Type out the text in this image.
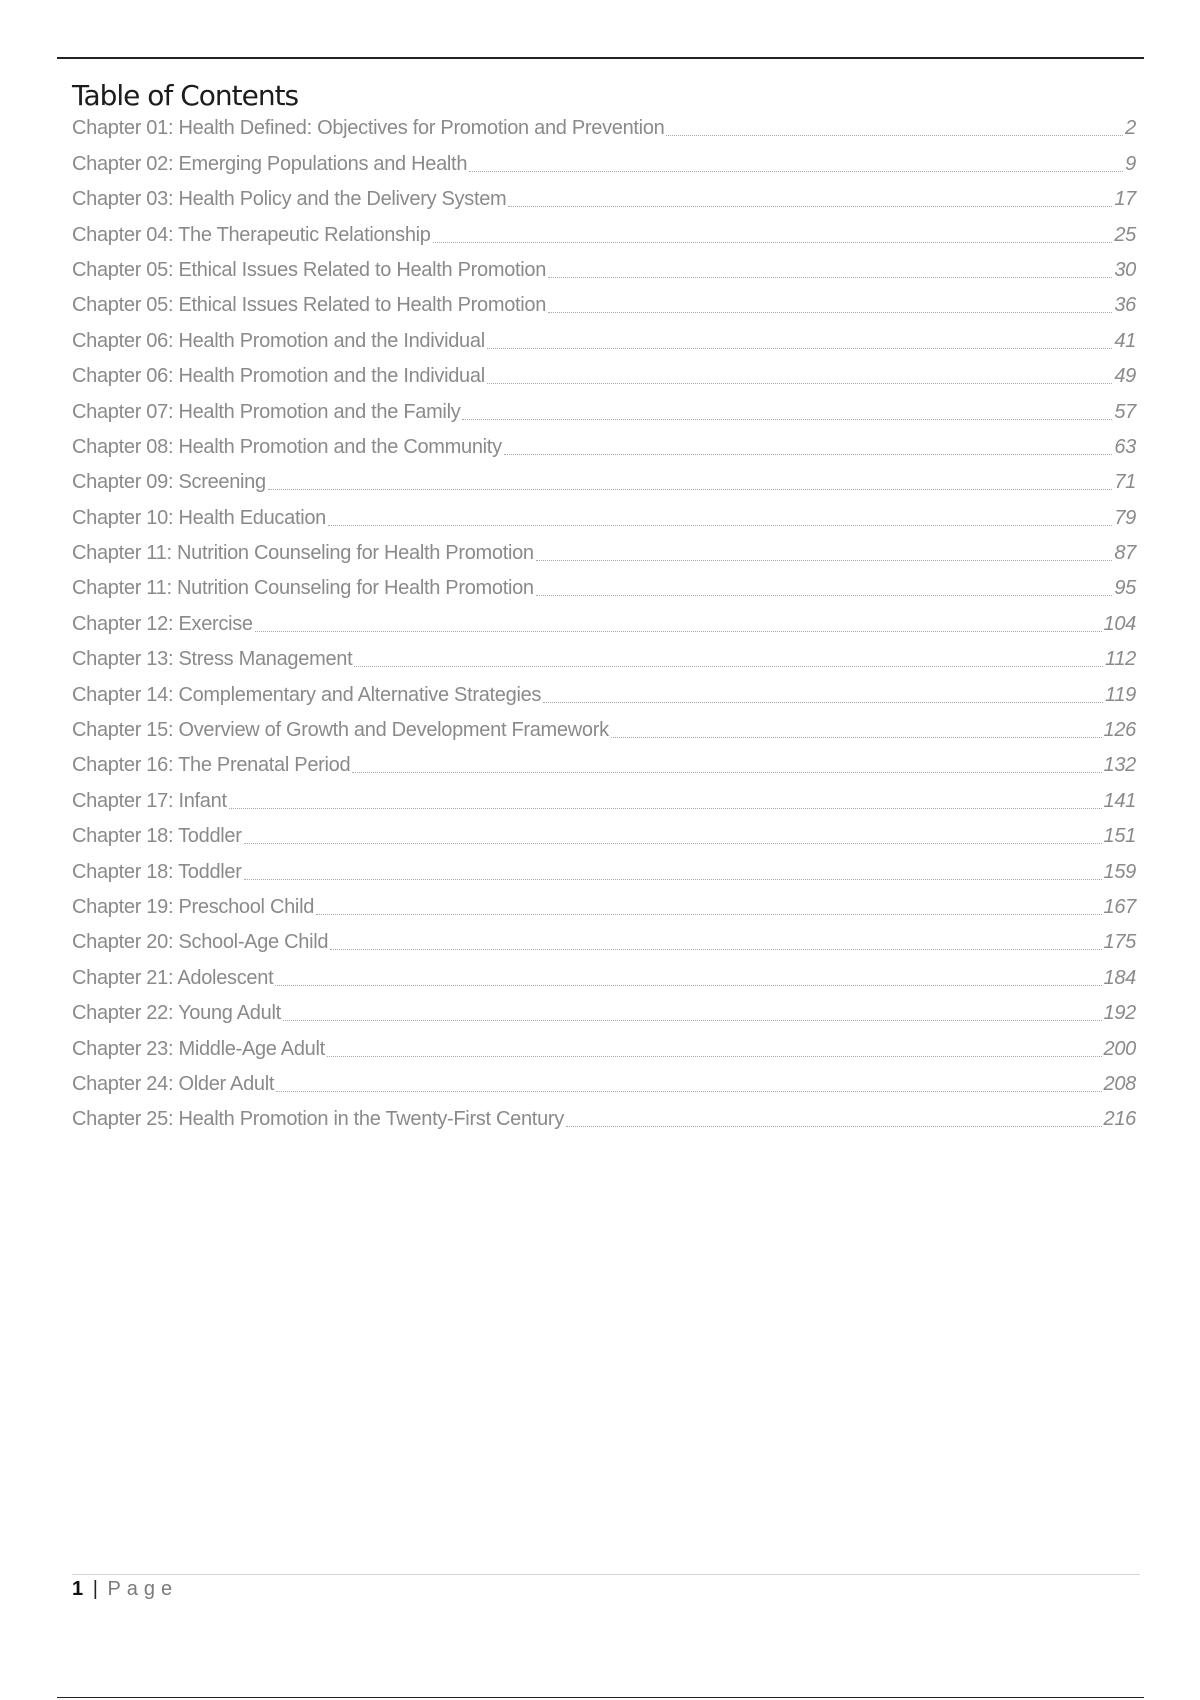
Table of Contents
Chapter 01: Health Defined: Objectives for Promotion and Prevention	2
Chapter 02: Emerging Populations and Health	9
Chapter 03: Health Policy and the Delivery System	17
Chapter 04: The Therapeutic Relationship	25
Chapter 05: Ethical Issues Related to Health Promotion	30
Chapter 05: Ethical Issues Related to Health Promotion	36
Chapter 06: Health Promotion and the Individual	41
Chapter 06: Health Promotion and the Individual	49
Chapter 07: Health Promotion and the Family	57
Chapter 08: Health Promotion and the Community	63
Chapter 09: Screening	71
Chapter 10: Health Education	79
Chapter 11: Nutrition Counseling for Health Promotion	87
Chapter 11: Nutrition Counseling for Health Promotion	95
Chapter 12: Exercise	104
Chapter 13: Stress Management	112
Chapter 14: Complementary and Alternative Strategies	119
Chapter 15: Overview of Growth and Development Framework	126
Chapter 16: The Prenatal Period	132
Chapter 17: Infant	141
Chapter 18: Toddler	151
Chapter 18: Toddler	159
Chapter 19: Preschool Child	167
Chapter 20: School-Age Child	175
Chapter 21: Adolescent	184
Chapter 22: Young Adult	192
Chapter 23: Middle-Age Adult	200
Chapter 24: Older Adult	208
Chapter 25: Health Promotion in the Twenty-First Century	216
1 | Page
